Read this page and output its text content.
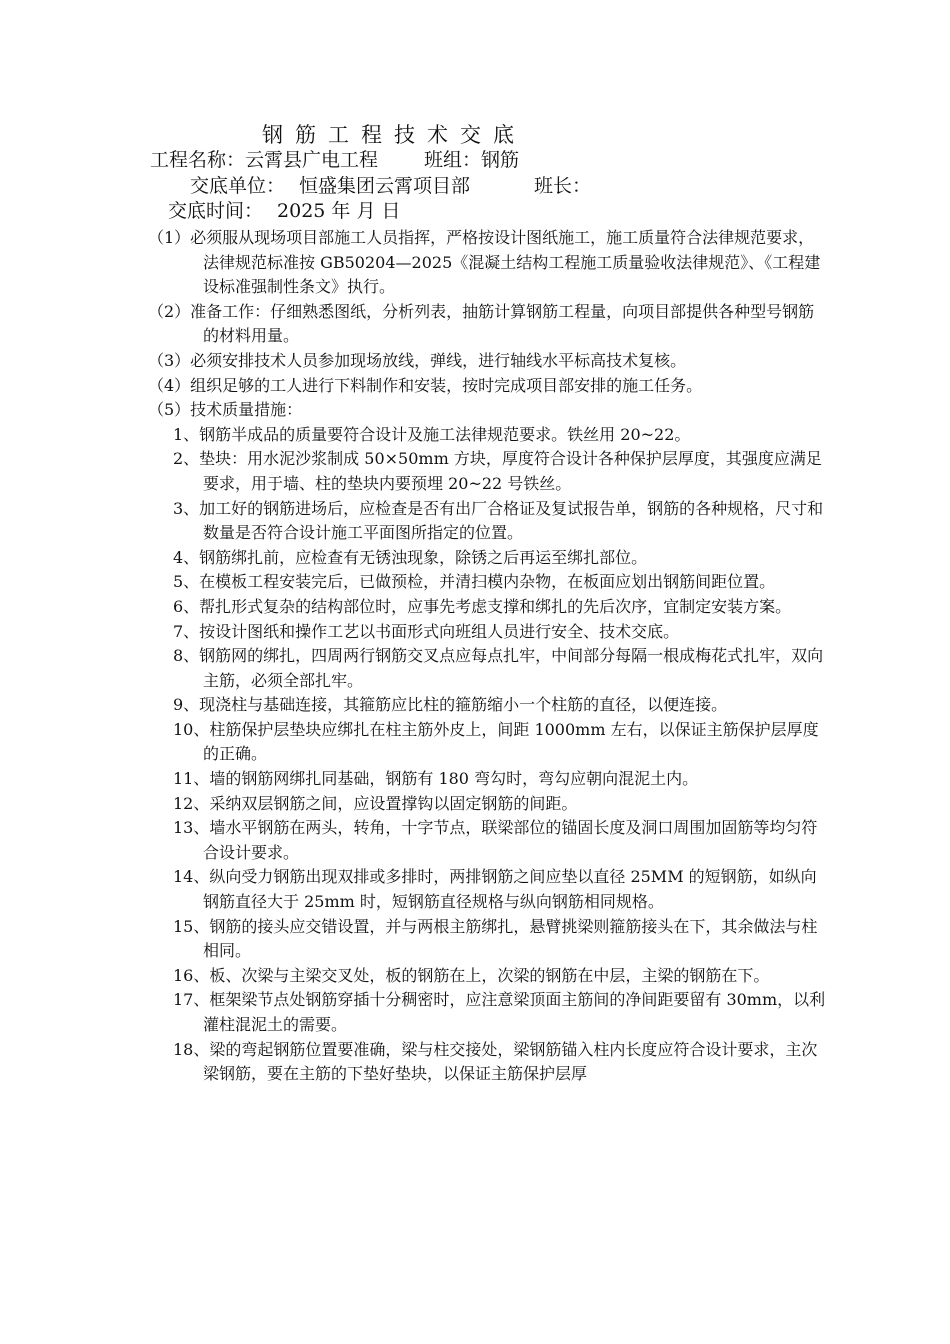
钢筋工程技术交底
工程名称：云霄县广电工程 班组：钢筋
交底单位： 恒盛集团云霄项目部	班长：
交底时间： 2025 年 月 日

（1）必须服从现场项目部施工人员指挥，严格按设计图纸施工，施工质量符合法律规范要求，法律规范标准按 GB50204—2025《混凝土结构工程施工质量验收法律规范》、《工程建设标准强制性条文》执行。

（2）准备工作：仔细熟悉图纸，分析列表，抽筋计算钢筋工程量，向项目部提供各种型号钢筋的材料用量。

（3）必须安排技术人员参加现场放线，弹线，进行轴线水平标高技术复核。

（4）组织足够的工人进行下料制作和安装，按时完成项目部安排的施工任务。

（5）技术质量措施：

1、钢筋半成品的质量要符合设计及施工法律规范要求。铁丝用 20~22。

2、垫块：用水泥沙浆制成 50×50mm 方块，厚度符合设计各种保护层厚度，其强度应满足要求，用于墙、柱的垫块内要预埋 20~22 号铁丝。

3、加工好的钢筋进场后，应检查是否有出厂合格证及复试报告单，钢筋的各种规格，尺寸和数量是否符合设计施工平面图所指定的位置。

4、钢筋绑扎前，应检查有无锈浊现象，除锈之后再运至绑扎部位。

5、在模板工程安装完后，已做预检，并清扫模内杂物，在板面应划出钢筋间距位置。

6、帮扎形式复杂的结构部位时，应事先考虑支撑和绑扎的先后次序，宜制定安装方案。

7、按设计图纸和操作工艺以书面形式向班组人员进行安全、技术交底。

8、钢筋网的绑扎，四周两行钢筋交叉点应每点扎牢，中间部分每隔一根成梅花式扎牢，双向主筋，必须全部扎牢。

9、现浇柱与基础连接，其箍筋应比柱的箍筋缩小一个柱筋的直径，以便连接。

10、柱筋保护层垫块应绑扎在柱主筋外皮上，间距 1000mm 左右，以保证主筋保护层厚度的正确。

11、墙的钢筋网绑扎同基础，钢筋有 180 弯勾时，弯勾应朝向混泥土内。

12、采纳双层钢筋之间，应设置撑钩以固定钢筋的间距。

13、墙水平钢筋在两头，转角，十字节点，联梁部位的锚固长度及洞口周围加固筋等均匀符合设计要求。

14、纵向受力钢筋出现双排或多排时，两排钢筋之间应垫以直径 25MM 的短钢筋，如纵向钢筋直径大于 25mm 时，短钢筋直径规格与纵向钢筋相同规格。

15、钢筋的接头应交错设置，并与两根主筋绑扎，悬臂挑梁则箍筋接头在下，其余做法与柱相同。

16、板、次梁与主梁交叉处，板的钢筋在上，次梁的钢筋在中层，主梁的钢筋在下。

17、框架梁节点处钢筋穿插十分稠密时，应注意梁顶面主筋间的净间距要留有 30mm，以利灌柱混泥土的需要。

18、梁的弯起钢筋位置要准确，梁与柱交接处，梁钢筋锚入柱内长度应符合设计要求，主次梁钢筋，要在主筋的下垫好垫块，以保证主筋保护层厚
